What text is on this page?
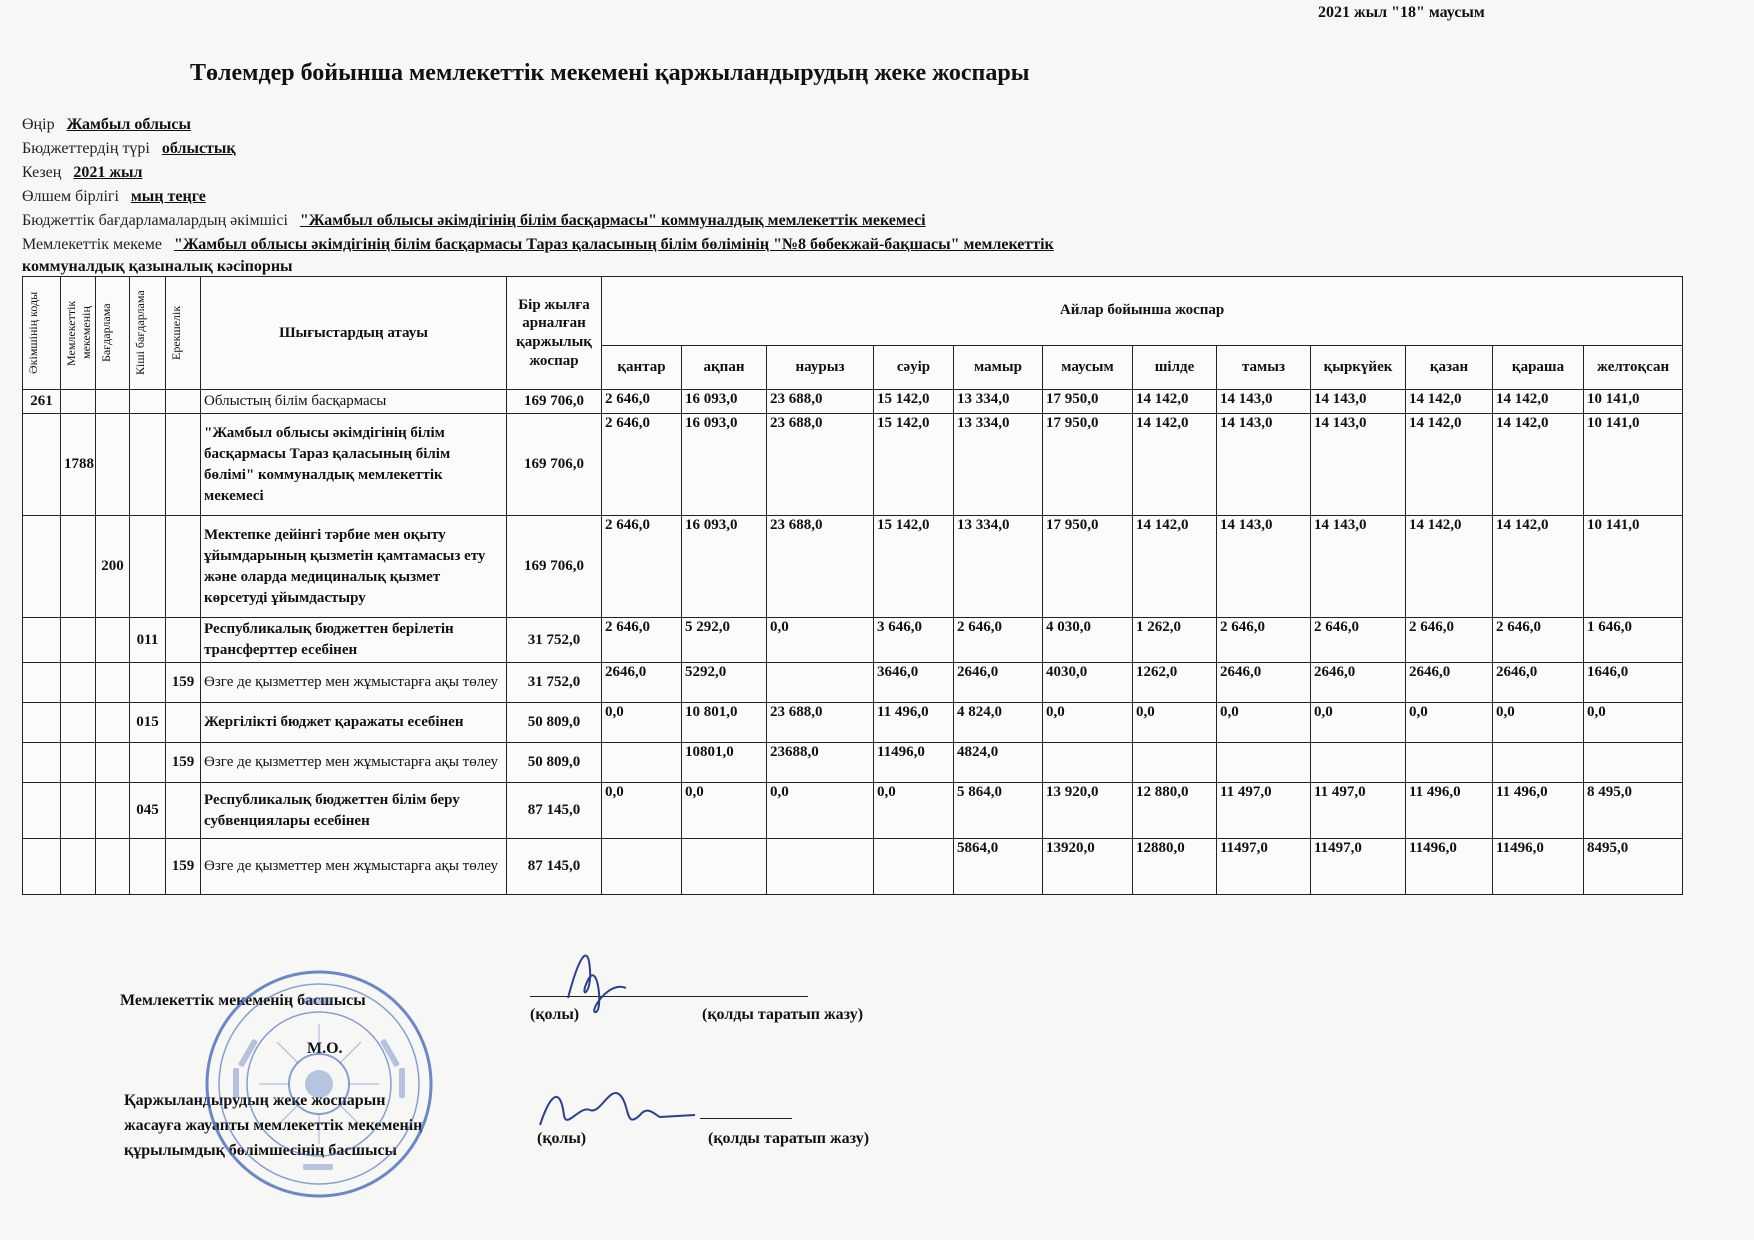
2021 жыл "18" маусым
Төлемдер бойынша мемлекеттік мекемені қаржыландырудың жеке жоспары
Өңір Жамбыл облысы
Бюджеттердің түрі облыстық
Кезең 2021 жыл
Өлшем бірлігі мың теңге
Бюджеттік бағдарламалардың әкімшісі "Жамбыл облысы әкімдігінің білім басқармасы" коммуналдық мемлекеттік мекемесі
Мемлекеттік мекеме "Жамбыл облысы әкімдігінің білім басқармасы Тараз қаласының білім бөлімінің "№8 бөбекжай-бақшасы" мемлекеттік
коммуналдық қазыналық кәсіпорны
Әкімшінің коды	Мемлекеттік мекеменің	Бағдарлама	Кіші бағдарлама	Ерекшелік	Шығыстардың атауы	Бір жылға арналған қаржылық жоспар	Айлар бойынша жоспар											
							қантар	ақпан	наурыз	сәуір	мамыр	маусым	шілде	тамыз	қыркүйек	қазан	қараша	желтоқсан
261					Облыстың білім басқармасы	169 706,0	2 646,0	16 093,0	23 688,0	15 142,0	13 334,0	17 950,0	14 142,0	14 143,0	14 143,0	14 142,0	14 142,0	10 141,0
	1788				"Жамбыл облысы әкімдігінің білім басқармасы Тараз қаласының білім бөлімі" коммуналдық мемлекеттік мекемесі	169 706,0	2 646,0	16 093,0	23 688,0	15 142,0	13 334,0	17 950,0	14 142,0	14 143,0	14 143,0	14 142,0	14 142,0	10 141,0
		200			Мектепке дейінгі тәрбие мен оқыту ұйымдарының қызметін қамтамасыз ету және оларда медициналық қызмет көрсетуді ұйымдастыру	169 706,0	2 646,0	16 093,0	23 688,0	15 142,0	13 334,0	17 950,0	14 142,0	14 143,0	14 143,0	14 142,0	14 142,0	10 141,0
			011		Республикалық бюджеттен берілетін трансферттер есебінен	31 752,0	2 646,0	5 292,0	0,0	3 646,0	2 646,0	4 030,0	1 262,0	2 646,0	2 646,0	2 646,0	2 646,0	1 646,0
				159	Өзге де қызметтер мен жұмыстарға ақы төлеу	31 752,0	2646,0	5292,0		3646,0	2646,0	4030,0	1262,0	2646,0	2646,0	2646,0	2646,0	1646,0
			015		Жергілікті бюджет қаражаты есебінен	50 809,0	0,0	10 801,0	23 688,0	11 496,0	4 824,0	0,0	0,0	0,0	0,0	0,0	0,0	0,0
				159	Өзге де қызметтер мен жұмыстарға ақы төлеу	50 809,0		10801,0	23688,0	11496,0	4824,0							
			045		Республикалық бюджеттен білім беру субвенциялары есебінен	87 145,0	0,0	0,0	0,0	0,0	5 864,0	13 920,0	12 880,0	11 497,0	11 497,0	11 496,0	11 496,0	8 495,0
				159	Өзге де қызметтер мен жұмыстарға ақы төлеу	87 145,0					5864,0	13920,0	12880,0	11497,0	11497,0	11496,0	11496,0	8495,0
Мемлекеттік мекеменің басшысы
М.О.
(қолы)	(қолды таратып жазу)
Қаржыландырудың жеке жоспарын
жасауға жауапты мемлекеттік мекеменің
құрылымдық бөлімшесінің басшысы
(қолы)	(қолды таратып жазу)
